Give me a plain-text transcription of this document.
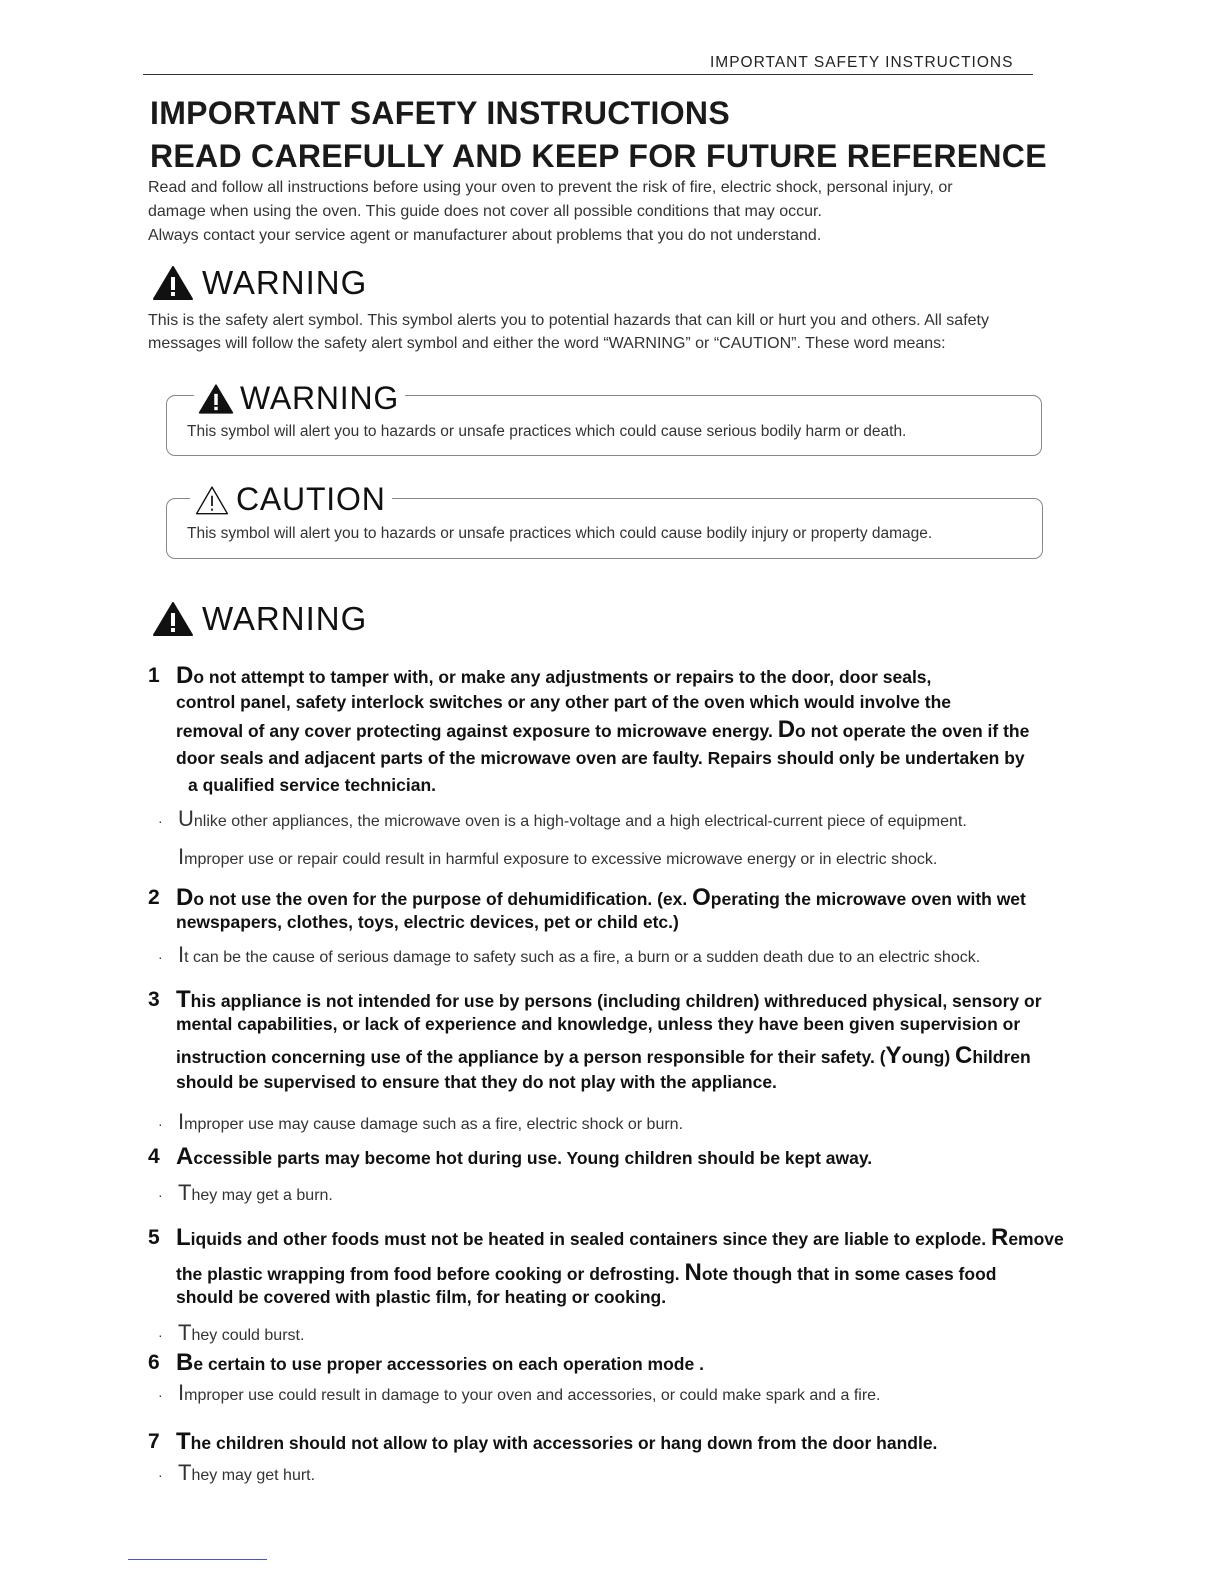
IMPORTANT SAFETY INSTRUCTIONS
IMPORTANT SAFETY INSTRUCTIONS
READ CAREFULLY AND KEEP FOR FUTURE REFERENCE

Read and follow all instructions before using your oven to prevent the risk of fire, electric shock, personal injury, or

damage when using the oven. This guide does not cover all possible conditions that may occur.

Always contact your service agent or manufacturer about problems that you do not understand.

WARNING

This is the safety alert symbol. This symbol alerts you to potential hazards that can kill or hurt you and others. All safety

messages will follow the safety alert symbol and either the word “WARNING” or “CAUTION”. These word means:

WARNING
This symbol will alert you to hazards or unsafe practices which could cause serious bodily harm or death.
CAUTION
This symbol will alert you to hazards or unsafe practices which could cause bodily injury or property damage.
WARNING
1 Do not attempt to tamper with, or make any adjustments or repairs to the door, door seals,
control panel, safety interlock switches or any other part of the oven which would involve the
removal of any cover protecting against exposure to microwave energy. Do not operate the oven if the
door seals and adjacent parts of the microwave oven are faulty. Repairs should only be undertaken by
a qualified service technician.
· Unlike other appliances, the microwave oven is a high-voltage and a high electrical-current piece of equipment.
Improper use or repair could result in harmful exposure to excessive microwave energy or in electric shock.
2 Do not use the oven for the purpose of dehumidification. (ex. Operating the microwave oven with wet
newspapers, clothes, toys, electric devices, pet or child etc.)
· It can be the cause of serious damage to safety such as a fire, a burn or a sudden death due to an electric shock.
3 This appliance is not intended for use by persons (including children) withreduced physical, sensory or
mental capabilities, or lack of experience and knowledge, unless they have been given supervision or
instruction concerning use of the appliance by a person responsible for their safety. (Young) Children
should be supervised to ensure that they do not play with the appliance.
· Improper use may cause damage such as a fire, electric shock or burn.
4 Accessible parts may become hot during use. Young children should be kept away.
· They may get a burn.
5 Liquids and other foods must not be heated in sealed containers since they are liable to explode. Remove
the plastic wrapping from food before cooking or defrosting. Note though that in some cases food
should be covered with plastic film, for heating or cooking.
· They could burst.
6 Be certain to use proper accessories on each operation mode .
· Improper use could result in damage to your oven and accessories, or could make spark and a fire.
7 The children should not allow to play with accessories or hang down from the door handle.
· They may get hurt.
